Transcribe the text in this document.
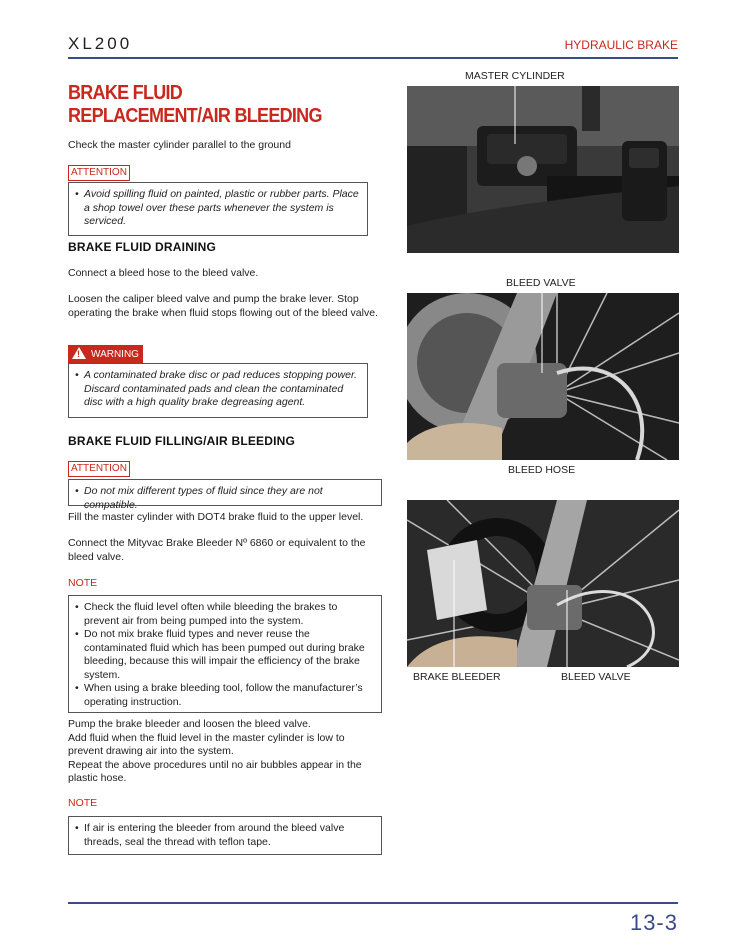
XL200	HYDRAULIC BRAKE
BRAKE FLUID REPLACEMENT/AIR BLEEDING
Check the master cylinder parallel to the ground
ATTENTION
• Avoid spilling fluid on painted, plastic or rubber parts. Place a shop towel over these parts whenever the system is serviced.
BRAKE FLUID DRAINING
Connect a bleed hose to the bleed valve.
Loosen the caliper bleed valve and pump the brake lever. Stop operating the brake when fluid stops flowing out of the bleed valve.
!WARNING
• A contaminated brake disc or pad reduces stopping power. Discard contaminated pads and clean the contaminated disc with a high quality brake degreasing agent.
BRAKE FLUID FILLING/AIR BLEEDING
ATTENTION
• Do not mix different types of fluid since they are not compatible.
Fill the master cylinder with DOT4 brake fluid to the upper level.
Connect the Mityvac Brake Bleeder Nº 6860 or equivalent to the bleed valve.
NOTE
• Check the fluid level often while bleeding the brakes to prevent air from being pumped into the system.
• Do not mix brake fluid types and never reuse the contaminated fluid which has been pumped out during brake bleeding, because this will impair the efficiency of the brake system.
• When using a brake bleeding tool, follow the manufacturer’s operating instruction.
Pump the brake bleeder and loosen the bleed valve.
Add fluid when the fluid level in the master cylinder is low to prevent drawing air into the system.
Repeat the above procedures until no air bubbles appear in the plastic hose.
NOTE
• If air is entering the bleeder from around the bleed valve threads, seal the thread with teflon tape.
MASTER CYLINDER
BLEED VALVE
BLEED HOSE
BRAKE BLEEDER	BLEED VALVE
13-3
